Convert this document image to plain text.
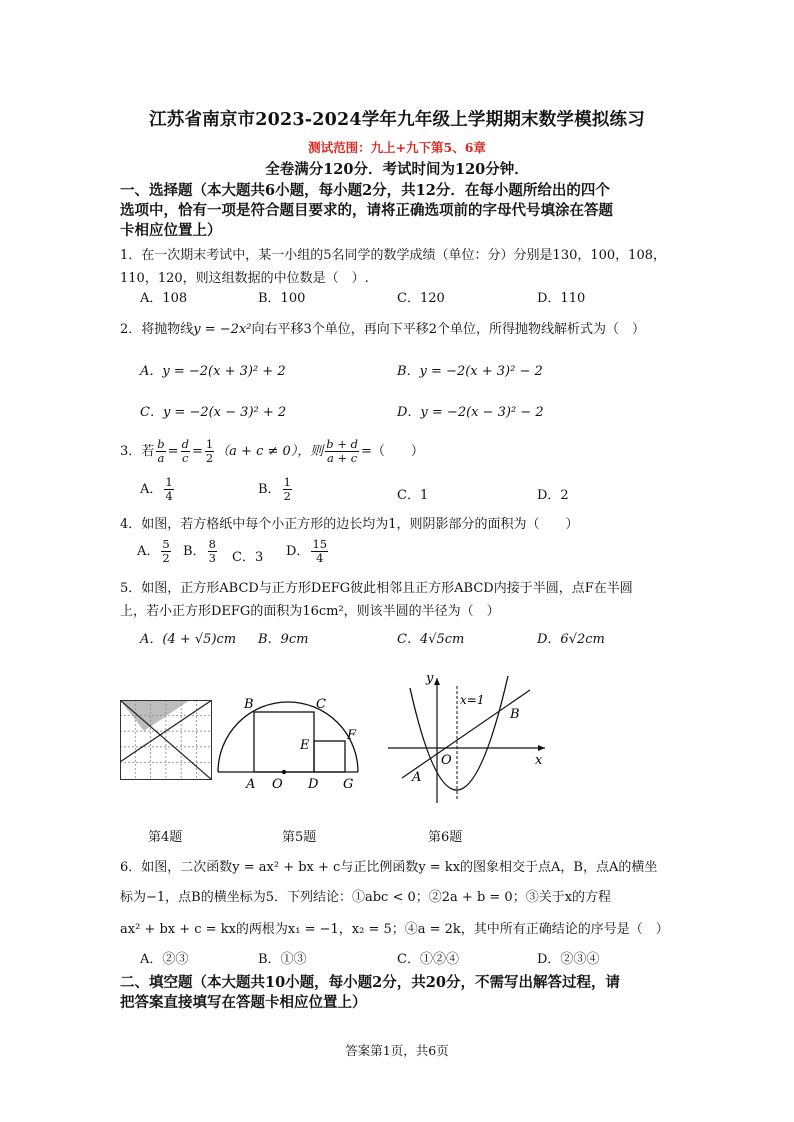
江苏省南京市2023-2024学年九年级上学期期末数学模拟练习
测试范围：九上+九下第5、6章
全卷满分120分．考试时间为120分钟．
一、选择题（本大题共6小题，每小题2分，共12分．在每小题所给出的四个
选项中，恰有一项是符合题目要求的，请将正确选项前的字母代号填涂在答题
卡相应位置上）
1．在一次期末考试中，某一小组的5名同学的数学成绩（单位：分）分别是130，100，108，
110，120，则这组数据的中位数是（　）.
A．108	B．100	C．120	D．110
2．将抛物线y = −2x²向右平移3个单位，再向下平移2个单位，所得抛物线解析式为（　）
A．y = −2(x + 3)² + 2	B．y = −2(x + 3)² − 2
C．y = −2(x − 3)² + 2	D．y = −2(x − 3)² − 2
3．若 $\frac{b}{a} = \frac{d}{c} = \frac{1}{2} (a + c \ne 0)$，则 $\frac{b + d}{a + c}$ =（　　）
A． $\frac{1}{4}$	B． $\frac{1}{2}$	C．1	D．2
4．如图，若方格纸中每个小正方形的边长均为1，则阴影部分的面积为（　　）
A． $\frac{5}{2}$ B． $\frac{8}{3}$ C．3 D． $\frac{15}{4}$
5．如图，正方形ABCD与正方形DEFG彼此相邻且正方形ABCD内接于半圆，点F在半圆
上，若小正方形DEFG的面积为16cm²，则该半圆的半径为（　）
A．(4 + √5)cm B．9cm	C．4√5cm	D．6√2cm
B	C
E
F
A O D G
y
x=1
B
O	x
A
第4题	第5题	第6题
6．如图，二次函数y = ax² + bx + c与正比例函数y = kx的图象相交于点A，B，点A的横坐
标为−1，点B的横坐标为5．下列结论：①abc < 0；②2a + b = 0；③关于x的方程
ax² + bx + c = kx的两根为x₁ = −1，x₂ = 5；④a = 2k，其中所有正确结论的序号是（　）
A．②③	B．①③	C．①②④	D．②③④
二、填空题（本大题共10小题，每小题2分，共20分，不需写出解答过程，请
把答案直接填写在答题卡相应位置上）
答案第1页，共6页
